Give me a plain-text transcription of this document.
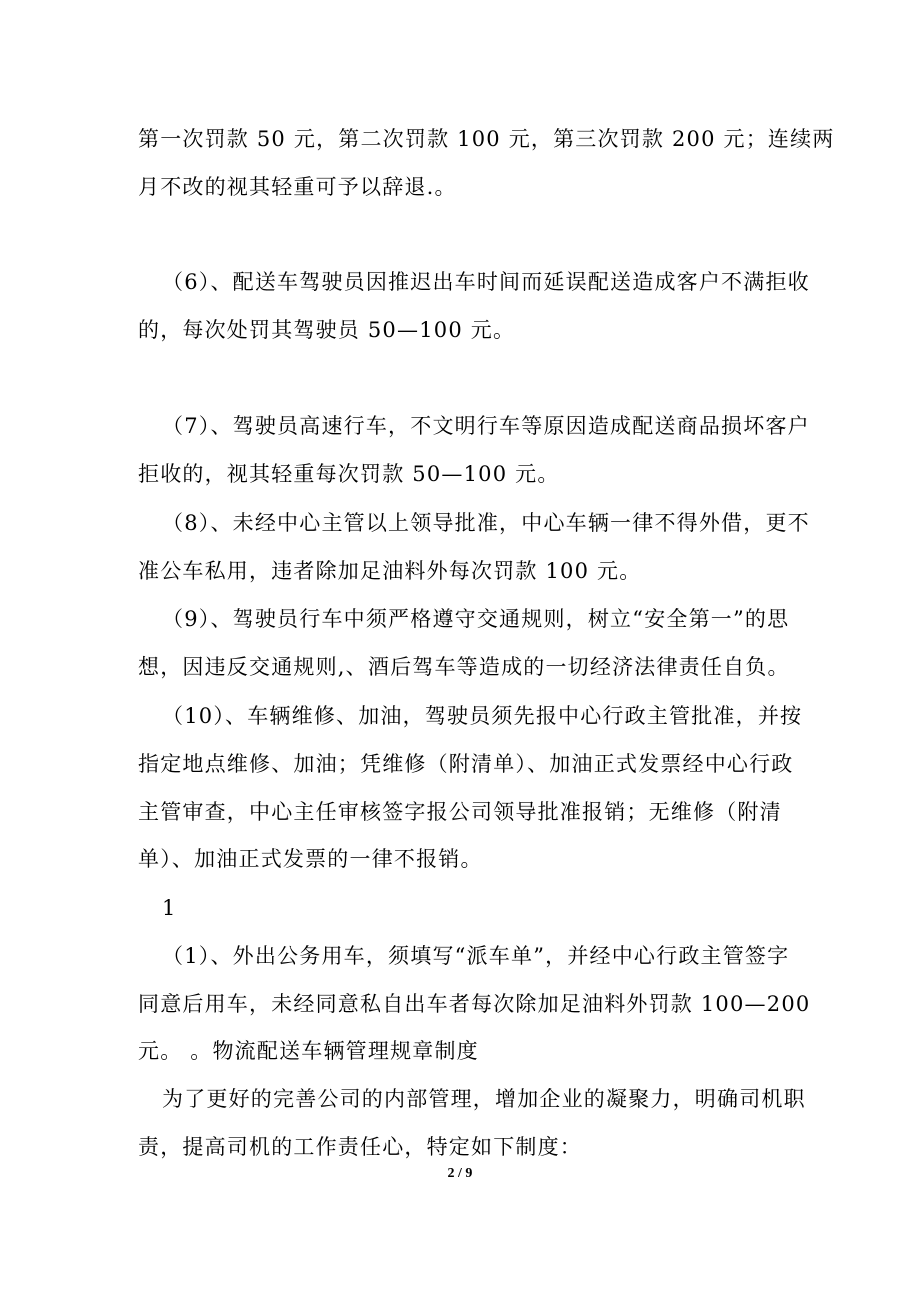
第一次罚款 50 元，第二次罚款 100 元，第三次罚款 200 元；连续两
月不改的视其轻重可予以辞退.。
（6）、配送车驾驶员因推迟出车时间而延误配送造成客户不满拒收
的，每次处罚其驾驶员 50—100 元。
（7）、驾驶员高速行车，不文明行车等原因造成配送商品损坏客户
拒收的，视其轻重每次罚款 50—100 元。
（8）、未经中心主管以上领导批准，中心车辆一律不得外借，更不
准公车私用，违者除加足油料外每次罚款 100 元。
（9）、驾驶员行车中须严格遵守交通规则，树立“安全第一”的思
想，因违反交通规则,、酒后驾车等造成的一切经济法律责任自负。
（10）、车辆维修、加油，驾驶员须先报中心行政主管批准，并按
指定地点维修、加油；凭维修（附清单）、加油正式发票经中心行政
主管审查，中心主任审核签字报公司领导批准报销；无维修（附清
单）、加油正式发票的一律不报销。
1
（1）、外出公务用车，须填写“派车单”，并经中心行政主管签字
同意后用车，未经同意私自出车者每次除加足油料外罚款 100—200
元。 。物流配送车辆管理规章制度
为了更好的完善公司的内部管理，增加企业的凝聚力，明确司机职
责，提高司机的工作责任心，特定如下制度：
2 / 9
